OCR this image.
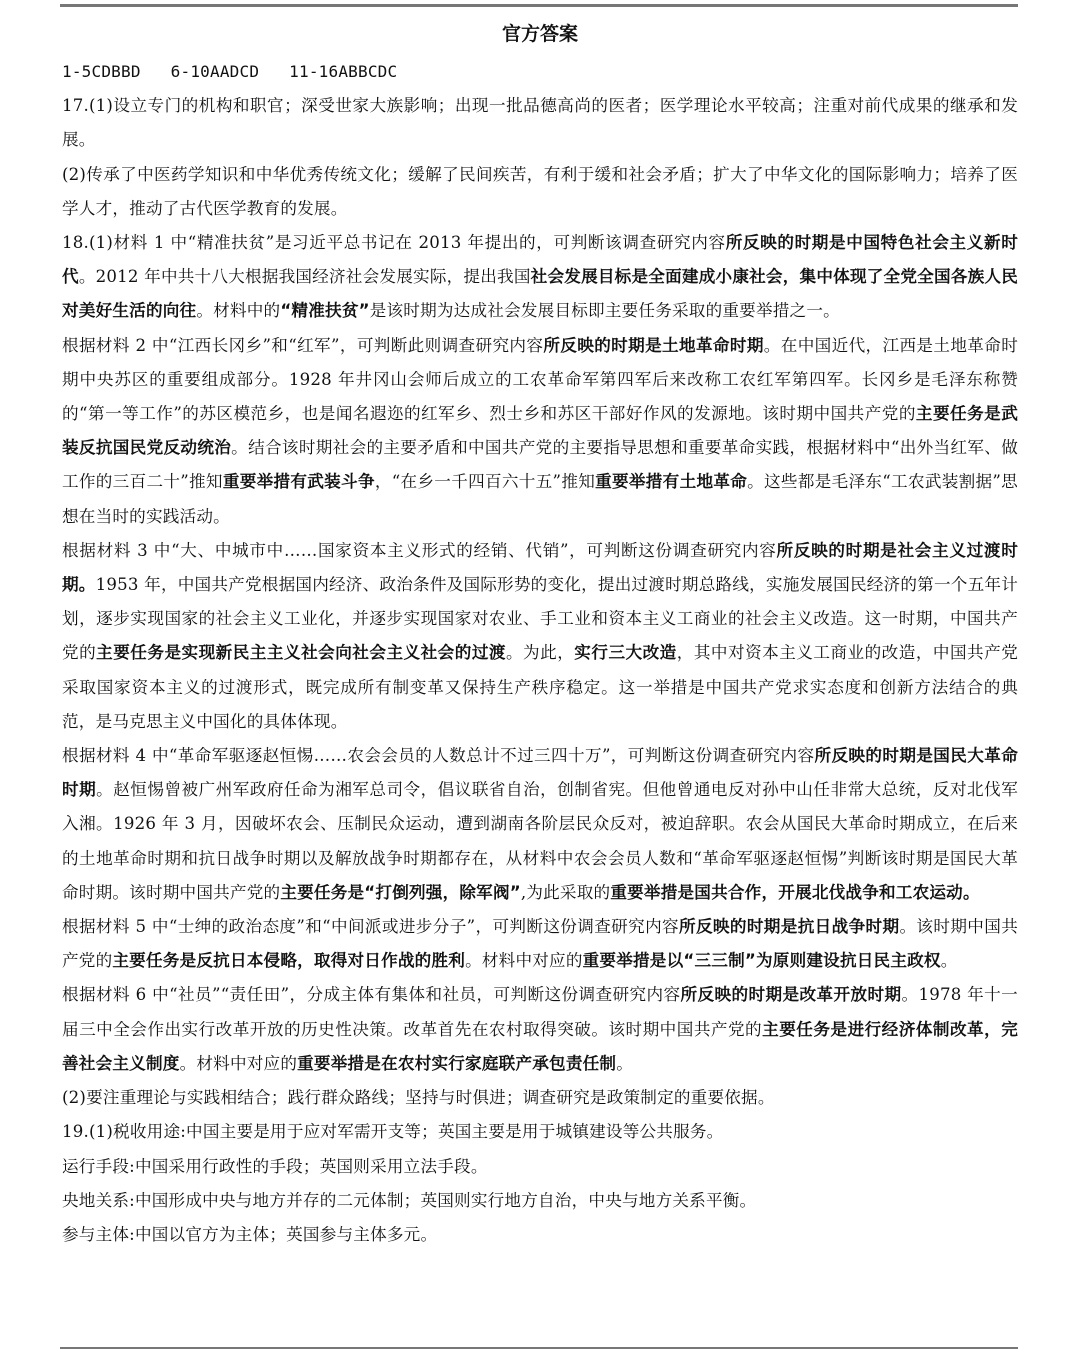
官方答案

1-5CDBBD 6-10AADCD 11-16ABBCDC

17.(1)设立专门的机构和职官；深受世家大族影响；出现一批品德高尚的医者；医学理论水平较高；注重对前代成果的继承和发展。

(2)传承了中医药学知识和中华优秀传统文化；缓解了民间疾苦，有利于缓和社会矛盾；扩大了中华文化的国际影响力；培养了医学人才，推动了古代医学教育的发展。

18.(1)材料 1 中“精准扶贫”是习近平总书记在 2013 年提出的，可判断该调查研究内容所反映的时期是中国特色社会主义新时代。2012 年中共十八大根据我国经济社会发展实际，提出我国社会发展目标是全面建成小康社会，集中体现了全党全国各族人民对美好生活的向往。材料中的“精准扶贫”是该时期为达成社会发展目标即主要任务采取的重要举措之一。

根据材料 2 中“江西长冈乡”和“红军”，可判断此则调查研究内容所反映的时期是土地革命时期。在中国近代，江西是土地革命时期中央苏区的重要组成部分。1928 年井冈山会师后成立的工农革命军第四军后来改称工农红军第四军。长冈乡是毛泽东称赞的“第一等工作”的苏区模范乡，也是闻名遐迩的红军乡、烈士乡和苏区干部好作风的发源地。该时期中国共产党的主要任务是武装反抗国民党反动统治。结合该时期社会的主要矛盾和中国共产党的主要指导思想和重要革命实践，根据材料中“出外当红军、做工作的三百二十”推知重要举措有武装斗争，“在乡一千四百六十五”推知重要举措有土地革命。这些都是毛泽东“工农武装割据”思想在当时的实践活动。

根据材料 3 中“大、中城市中……国家资本主义形式的经销、代销”，可判断这份调查研究内容所反映的时期是社会主义过渡时期。1953 年，中国共产党根据国内经济、政治条件及国际形势的变化，提出过渡时期总路线，实施发展国民经济的第一个五年计划，逐步实现国家的社会主义工业化，并逐步实现国家对农业、手工业和资本主义工商业的社会主义改造。这一时期，中国共产党的主要任务是实现新民主主义社会向社会主义社会的过渡。为此，实行三大改造，其中对资本主义工商业的改造，中国共产党采取国家资本主义的过渡形式，既完成所有制变革又保持生产秩序稳定。这一举措是中国共产党求实态度和创新方法结合的典范，是马克思主义中国化的具体体现。

根据材料 4 中“革命军驱逐赵恒惕……农会会员的人数总计不过三四十万”，可判断这份调查研究内容所反映的时期是国民大革命时期。赵恒惕曾被广州军政府任命为湘军总司令，倡议联省自治，创制省宪。但他曾通电反对孙中山任非常大总统，反对北伐军入湘。1926 年 3 月，因破坏农会、压制民众运动，遭到湖南各阶层民众反对，被迫辞职。农会从国民大革命时期成立，在后来的土地革命时期和抗日战争时期以及解放战争时期都存在，从材料中农会会员人数和“革命军驱逐赵恒惕”判断该时期是国民大革命时期。该时期中国共产党的主要任务是“打倒列强，除军阀”,为此采取的重要举措是国共合作，开展北伐战争和工农运动。

根据材料 5 中“士绅的政治态度”和“中间派或进步分子”，可判断这份调查研究内容所反映的时期是抗日战争时期。该时期中国共产党的主要任务是反抗日本侵略，取得对日作战的胜利。材料中对应的重要举措是以“三三制”为原则建设抗日民主政权。

根据材料 6 中“社员”“责任田”，分成主体有集体和社员，可判断这份调查研究内容所反映的时期是改革开放时期。1978 年十一届三中全会作出实行改革开放的历史性决策。改革首先在农村取得突破。该时期中国共产党的主要任务是进行经济体制改革，完善社会主义制度。材料中对应的重要举措是在农村实行家庭联产承包责任制。

(2)要注重理论与实践相结合；践行群众路线；坚持与时俱进；调查研究是政策制定的重要依据。

19.(1)税收用途:中国主要是用于应对军需开支等；英国主要是用于城镇建设等公共服务。

运行手段:中国采用行政性的手段；英国则采用立法手段。

央地关系:中国形成中央与地方并存的二元体制；英国则实行地方自治，中央与地方关系平衡。

参与主体:中国以官方为主体；英国参与主体多元。
